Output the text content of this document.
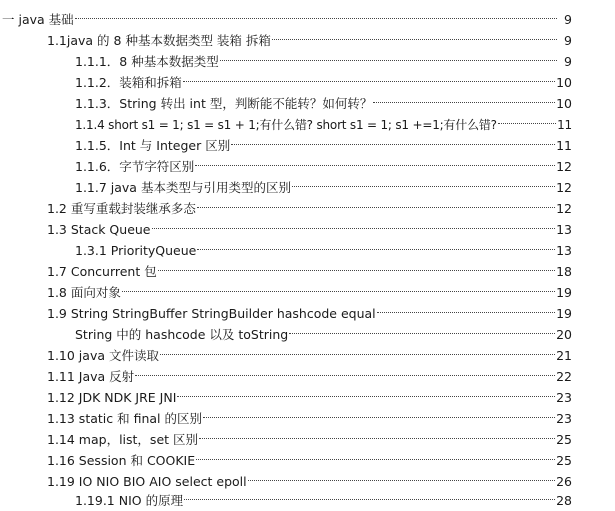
一 java 基础	9
1.1java 的 8 种基本数据类型 装箱 拆箱	9
1.1.1．8 种基本数据类型	9
1.1.2．装箱和拆箱	10
1.1.3．String 转出 int 型，判断能不能转？如何转？	10
1.1.4 short s1 = 1; s1 = s1 + 1;有什么错? short s1 = 1; s1 +=1;有什么错?	11
1.1.5．Int 与 Integer 区别	11
1.1.6．字节字符区别	12
1.1.7 java 基本类型与引用类型的区别	12
1.2 重写重载封装继承多态	12
1.3 Stack Queue	13
1.3.1 PriorityQueue	13
1.7 Concurrent 包	18
1.8 面向对象	19
1.9 String StringBuffer StringBuilder hashcode equal	19
String 中的 hashcode 以及 toString	20
1.10 java 文件读取	21
1.11 Java 反射	22
1.12 JDK NDK JRE JNI	23
1.13 static 和 final 的区别	23
1.14 map，list，set 区别	25
1.16 Session 和 COOKIE	25
1.19 IO NIO BIO AIO select epoll	26
1.19.1 NIO 的原理	28
